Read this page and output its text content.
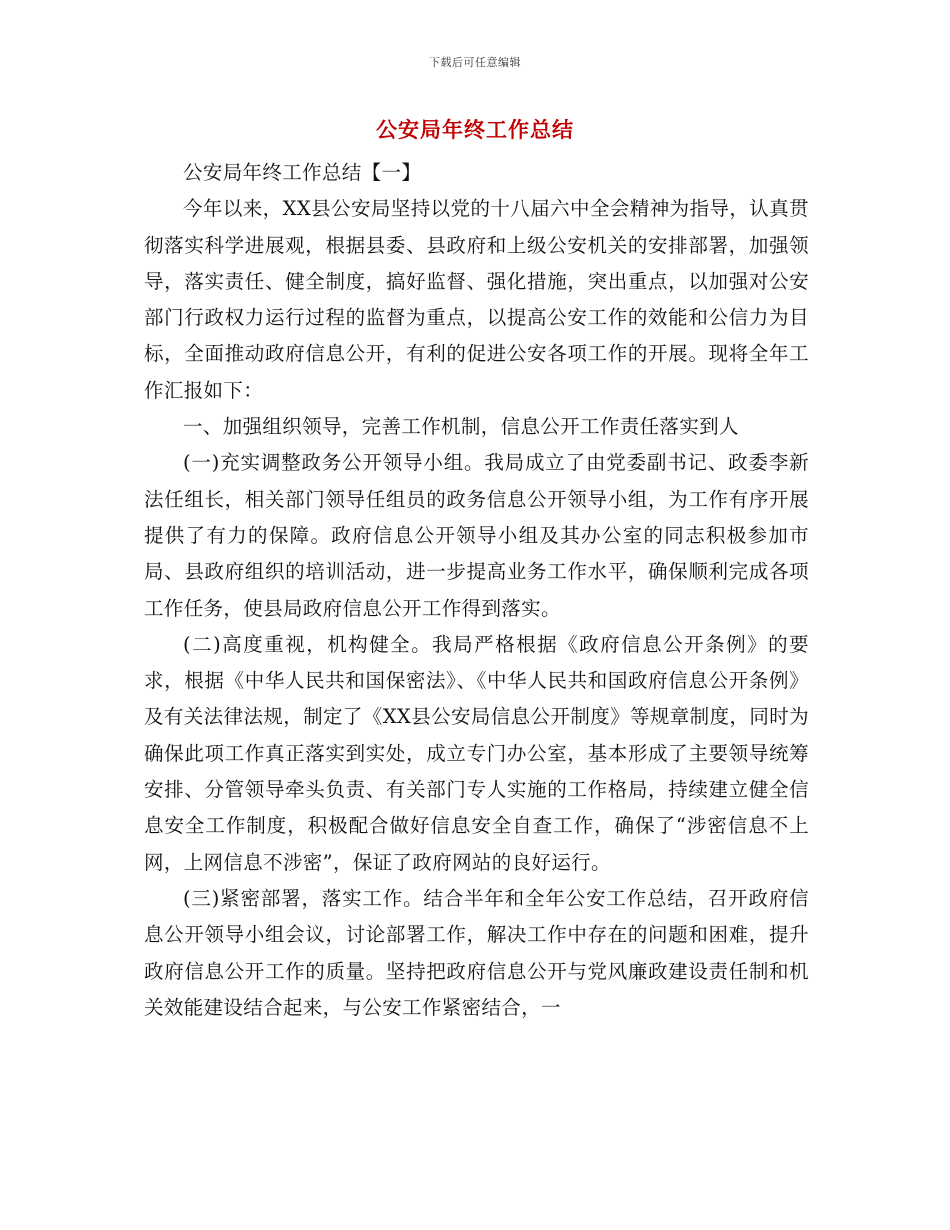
下载后可任意编辑
公安局年终工作总结

公安局年终工作总结【一】

今年以来，XX县公安局坚持以党的十八届六中全会精神为指导，认真贯彻落实科学进展观，根据县委、县政府和上级公安机关的安排部署，加强领导，落实责任、健全制度，搞好监督、强化措施，突出重点，以加强对公安部门行政权力运行过程的监督为重点，以提高公安工作的效能和公信力为目标，全面推动政府信息公开，有利的促进公安各项工作的开展。现将全年工作汇报如下：

一、加强组织领导，完善工作机制，信息公开工作责任落实到人

(一)充实调整政务公开领导小组。我局成立了由党委副书记、政委李新法任组长，相关部门领导任组员的政务信息公开领导小组，为工作有序开展提供了有力的保障。政府信息公开领导小组及其办公室的同志积极参加市局、县政府组织的培训活动，进一步提高业务工作水平，确保顺利完成各项工作任务，使县局政府信息公开工作得到落实。

(二)高度重视，机构健全。我局严格根据《政府信息公开条例》的要求，根据《中华人民共和国保密法》、《中华人民共和国政府信息公开条例》及有关法律法规，制定了《XX县公安局信息公开制度》等规章制度，同时为确保此项工作真正落实到实处，成立专门办公室，基本形成了主要领导统筹安排、分管领导牵头负责、有关部门专人实施的工作格局，持续建立健全信息安全工作制度，积极配合做好信息安全自查工作，确保了“涉密信息不上网，上网信息不涉密”，保证了政府网站的良好运行。

(三)紧密部署，落实工作。结合半年和全年公安工作总结，召开政府信息公开领导小组会议，讨论部署工作，解决工作中存在的问题和困难，提升政府信息公开工作的质量。坚持把政府信息公开与党风廉政建设责任制和机关效能建设结合起来，与公安工作紧密结合，一
